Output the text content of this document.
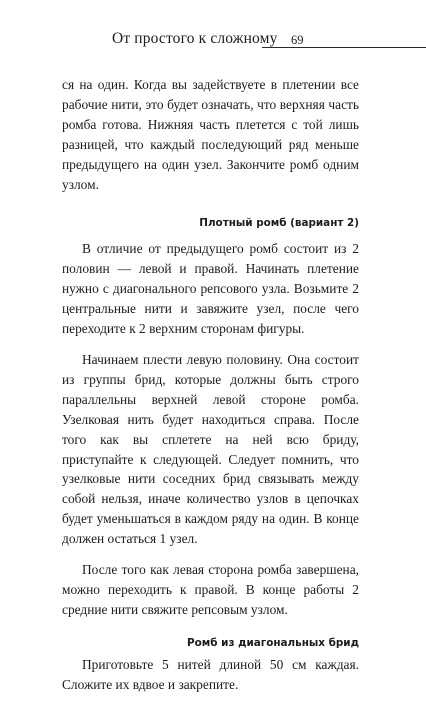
От простого к сложному 69

ся на один. Когда вы задействуете в плетении все рабочие нити, это будет означать, что верхняя часть ромба готова. Нижняя часть плетется с той лишь разницей, что каждый последующий ряд меньше предыдущего на один узел. Закончите ромб одним узлом.

Плотный ромб (вариант 2)

В отличие от предыдущего ромб состоит из 2 половин — левой и правой. Начинать плетение нужно с диагонального репсового узла. Возьмите 2 центральные нити и завяжите узел, после чего переходите к 2 верхним сторонам фигуры.

Начинаем плести левую половину. Она состоит из группы брид, которые должны быть строго параллельны верхней левой стороне ромба. Узелковая нить будет находиться справа. После того как вы сплетете на ней всю бриду, приступайте к следующей. Следует помнить, что узелковые нити соседних брид связывать между собой нельзя, иначе количество узлов в цепочках будет уменьшаться в каждом ряду на один. В конце должен остаться 1 узел.

После того как левая сторона ромба завершена, можно переходить к правой. В конце работы 2 средние нити свяжите репсовым узлом.

Ромб из диагональных брид

Приготовьте 5 нитей длиной 50 см каждая. Сложите их вдвое и закрепите.
